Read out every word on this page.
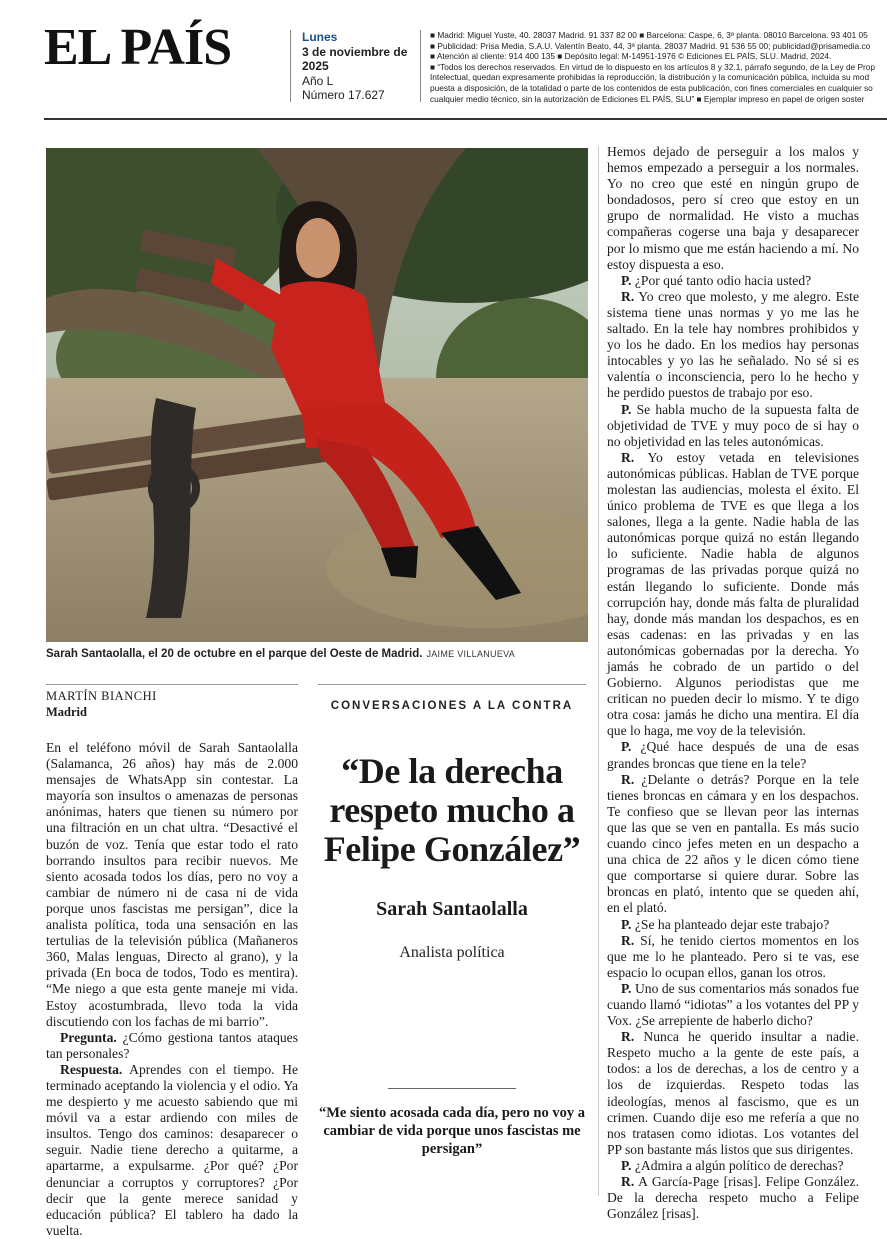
EL PAÍS	Lunes
3 de noviembre de 2025
Año L
Número 17.627
■ Madrid: Miguel Yuste, 40. 28037 Madrid. 91 337 82 00 ■ Barcelona: Caspe, 6, 3ª planta. 08010 Barcelona. 93 401 05
■ Publicidad: Prisa Media, S.A.U. Valentín Beato, 44, 3ª planta. 28037 Madrid. 91 536 55 00; publicidad@prisamedia.co
■ Atención al cliente: 914 400 135 ■ Depósito legal: M-14951-1976 © Ediciones EL PAÍS, SLU. Madrid, 2024.
■ “Todos los derechos reservados. En virtud de lo dispuesto en los artículos 8 y 32.1, párrafo segundo, de la Ley de Prop
Intelectual, quedan expresamente prohibidas la reproducción, la distribución y la comunicación pública, incluida su mod
puesta a disposición, de la totalidad o parte de los contenidos de esta publicación, con fines comerciales en cualquier so
cualquier medio técnico, sin la autorización de Ediciones EL PAÍS, SLU” ■ Ejemplar impreso en papel de origen soster
Sarah Santaolalla, el 20 de octubre en el parque del Oeste de Madrid. JAIME VILLANUEVA
MARTÍN BIANCHI
Madrid

En el teléfono móvil de Sarah Santaolalla (Salamanca, 26 años) hay más de 2.000 mensajes de WhatsApp sin contestar. La mayoría son insultos o amenazas de personas anónimas, haters que tienen su número por una filtración en un chat ultra. “Desactivé el buzón de voz. Tenía que estar todo el rato borrando insultos para recibir nuevos. Me siento acosada todos los días, pero no voy a cambiar de número ni de casa ni de vida porque unos fascistas me persigan”, dice la analista política, toda una sensación en las tertulias de la televisión pública (Mañaneros 360, Malas lenguas, Directo al grano), y la privada (En boca de todos, Todo es mentira). “Me niego a que esta gente maneje mi vida. Estoy acostumbrada, llevo toda la vida discutiendo con los fachas de mi barrio”.

Pregunta. ¿Cómo gestiona tantos ataques tan personales?

Respuesta. Aprendes con el tiempo. He terminado aceptando la violencia y el odio. Ya me despierto y me acuesto sabiendo que mi móvil va a estar ardiendo con miles de insultos. Tengo dos caminos: desaparecer o seguir. Nadie tiene derecho a quitarme, a apartarme, a expulsarme. ¿Por qué? ¿Por denunciar a corruptos y corruptores? ¿Por decir que la gente merece sanidad y educación pública? El tablero ha dado la vuelta.

CONVERSACIONES A LA CONTRA
“De la derecha respeto mucho a Felipe González”
Sarah Santaolalla
Analista política
“Me siento acosada cada día, pero no voy a cambiar de vida porque unos fascistas me persigan”

Hemos dejado de perseguir a los malos y hemos empezado a perseguir a los normales. Yo no creo que esté en ningún grupo de bondadosos, pero sí creo que estoy en un grupo de normalidad. He visto a muchas compañeras cogerse una baja y desaparecer por lo mismo que me están haciendo a mí. No estoy dispuesta a eso.

P. ¿Por qué tanto odio hacia usted?

R. Yo creo que molesto, y me alegro. Este sistema tiene unas normas y yo me las he saltado. En la tele hay nombres prohibidos y yo los he dado. En los medios hay personas intocables y yo las he señalado. No sé si es valentía o inconsciencia, pero lo he hecho y he perdido puestos de trabajo por eso.

P. Se habla mucho de la supuesta falta de objetividad de TVE y muy poco de si hay o no objetividad en las teles autonómicas.

R. Yo estoy vetada en televisiones autonómicas públicas. Hablan de TVE porque molestan las audiencias, molesta el éxito. El único problema de TVE es que llega a los salones, llega a la gente. Nadie habla de las autonómicas porque quizá no están llegando lo suficiente. Nadie habla de algunos programas de las privadas porque quizá no están llegando lo suficiente. Donde más corrupción hay, donde más falta de pluralidad hay, donde más mandan los despachos, es en esas cadenas: en las privadas y en las autonómicas gobernadas por la derecha. Yo jamás he cobrado de un partido o del Gobierno. Algunos periodistas que me critican no pueden decir lo mismo. Y te digo otra cosa: jamás he dicho una mentira. El día que lo haga, me voy de la televisión.

P. ¿Qué hace después de una de esas grandes broncas que tiene en la tele?

R. ¿Delante o detrás? Porque en la tele tienes broncas en cámara y en los despachos. Te confieso que se llevan peor las internas que las que se ven en pantalla. Es más sucio cuando cinco jefes meten en un despacho a una chica de 22 años y le dicen cómo tiene que comportarse si quiere durar. Sobre las broncas en plató, intento que se queden ahí, en el plató.

P. ¿Se ha planteado dejar este trabajo?

R. Sí, he tenido ciertos momentos en los que me lo he planteado. Pero si te vas, ese espacio lo ocupan ellos, ganan los otros.

P. Uno de sus comentarios más sonados fue cuando llamó “idiotas” a los votantes del PP y Vox. ¿Se arrepiente de haberlo dicho?

R. Nunca he querido insultar a nadie. Respeto mucho a la gente de este país, a todos: a los de derechas, a los de centro y a los de izquierdas. Respeto todas las ideologías, menos al fascismo, que es un crimen. Cuando dije eso me refería a que no nos tratasen como idiotas. Los votantes del PP son bastante más listos que sus dirigentes.

P. ¿Admira a algún político de derechas?

R. A García-Page [risas]. Felipe González. De la derecha respeto mucho a Felipe González [risas].
